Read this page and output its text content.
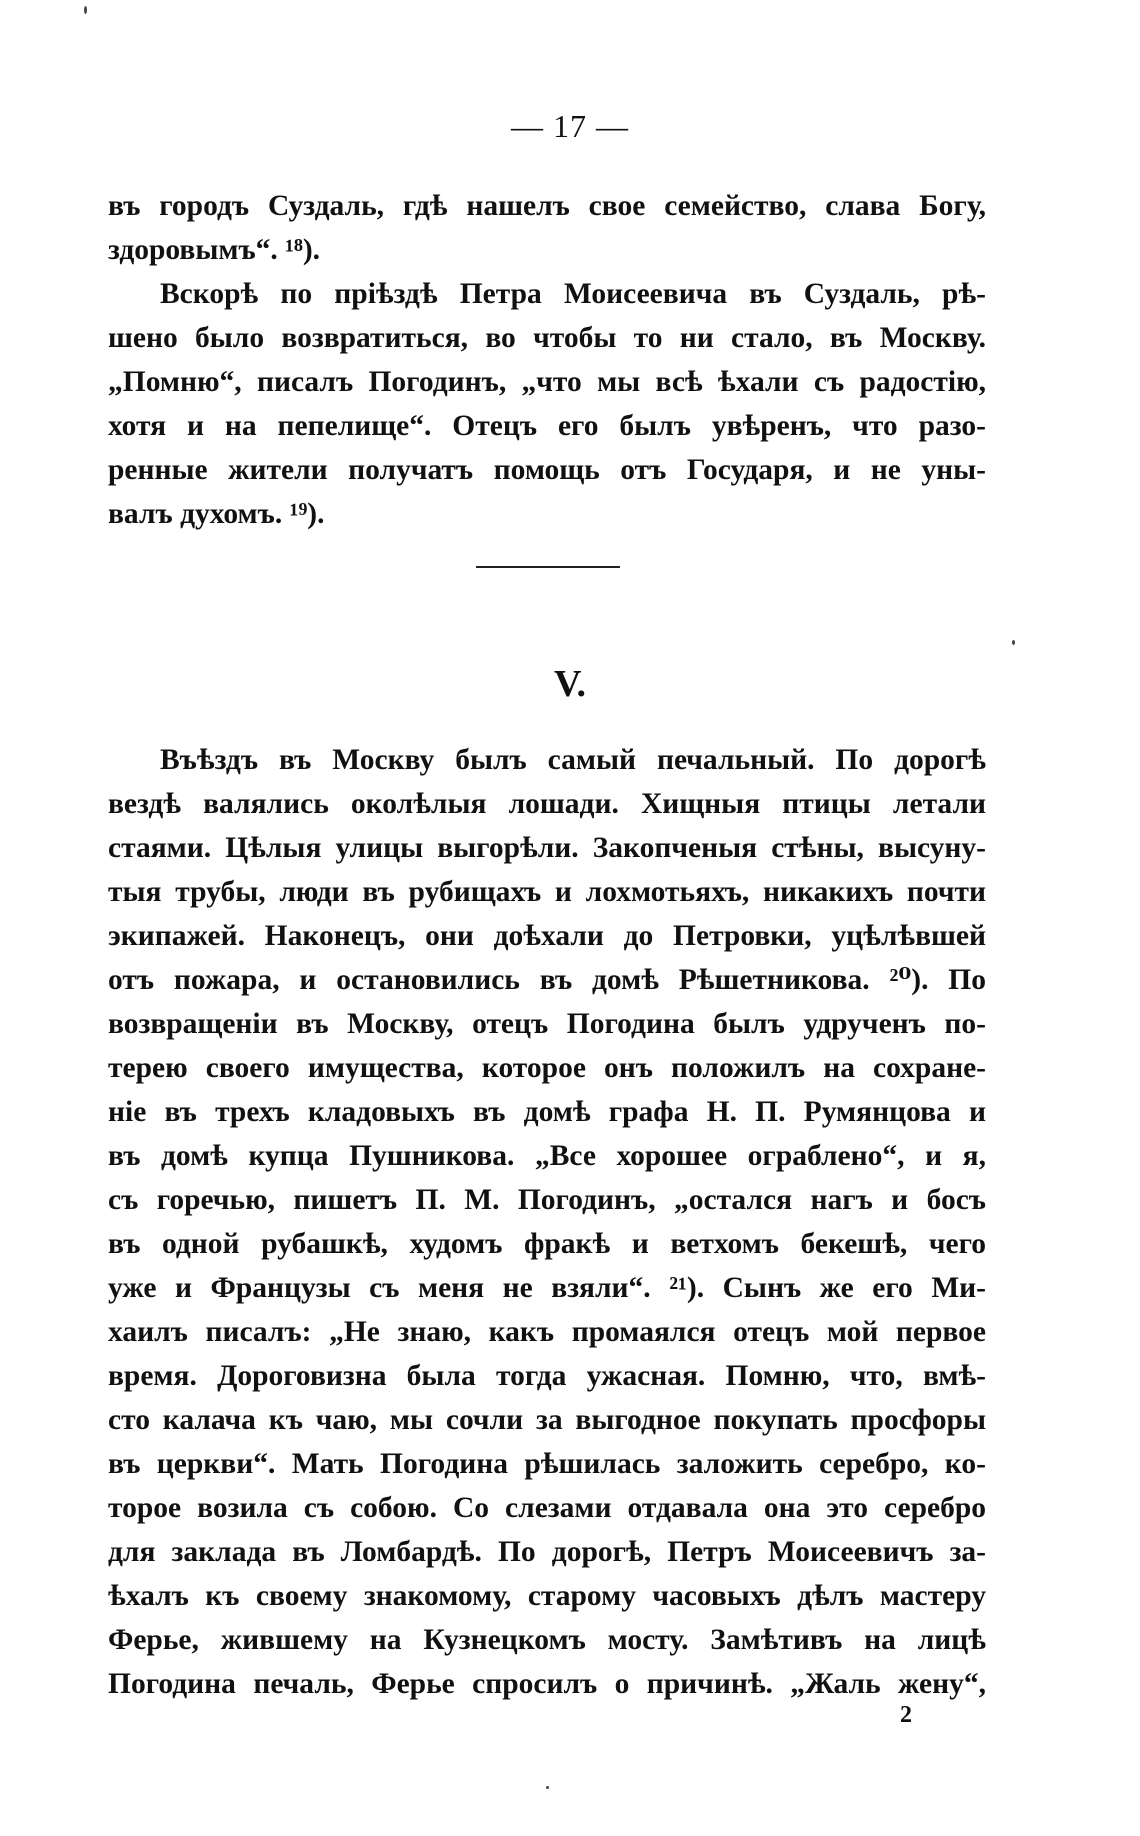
— 17 —
въ городъ Суздаль, гдѣ нашелъ свое семейство, слава Богу,
здоровымъ“. ¹⁸).
Вскорѣ по пріѣздѣ Петра Моисеевича въ Суздаль, рѣ-
шено было возвратиться, во чтобы то ни стало, въ Москву.
„Помню“, писалъ Погодинъ, „что мы всѣ ѣхали съ радостію,
хотя и на пепелище“. Отецъ его былъ увѣренъ, что разо-
ренные жители получатъ помощь отъ Государя, и не уны-
валъ духомъ. ¹⁹).
V.
Въѣздъ въ Москву былъ самый печальный. По дорогѣ
вездѣ валялись околѣлыя лошади. Хищныя птицы летали
стаями. Цѣлыя улицы выгорѣли. Закопченыя стѣны, высуну-
тыя трубы, люди въ рубищахъ и лохмотьяхъ, никакихъ почти
экипажей. Наконецъ, они доѣхали до Петровки, уцѣлѣвшей
отъ пожара, и остановились въ домѣ Рѣшетникова. ²⁰). По
возвращеніи въ Москву, отецъ Погодина былъ удрученъ по-
терею своего имущества, которое онъ положилъ на сохране-
ніе въ трехъ кладовыхъ въ домѣ графа Н. П. Румянцова и
въ домѣ купца Пушникова. „Все хорошее ограблено“, и я,
съ горечью, пишетъ П. М. Погодинъ, „остался нагъ и босъ
въ одной рубашкѣ, худомъ фракѣ и ветхомъ бекешѣ, чего
уже и Французы съ меня не взяли“. ²¹). Сынъ же его Ми-
хаилъ писалъ: „Не знаю, какъ промаялся отецъ мой первое
время. Дороговизна была тогда ужасная. Помню, что, вмѣ-
сто калача къ чаю, мы сочли за выгодное покупать просфоры
въ церкви“. Мать Погодина рѣшилась заложить серебро, ко-
торое возила съ собою. Со слезами отдавала она это серебро
для заклада въ Ломбардѣ. По дорогѣ, Петръ Моисеевичъ за-
ѣхалъ къ своему знакомому, старому часовыхъ дѣлъ мастеру
Ферье, жившему на Кузнецкомъ мосту. Замѣтивъ на лицѣ
Погодина печаль, Ферье спросилъ о причинѣ. „Жаль жену“,
2
